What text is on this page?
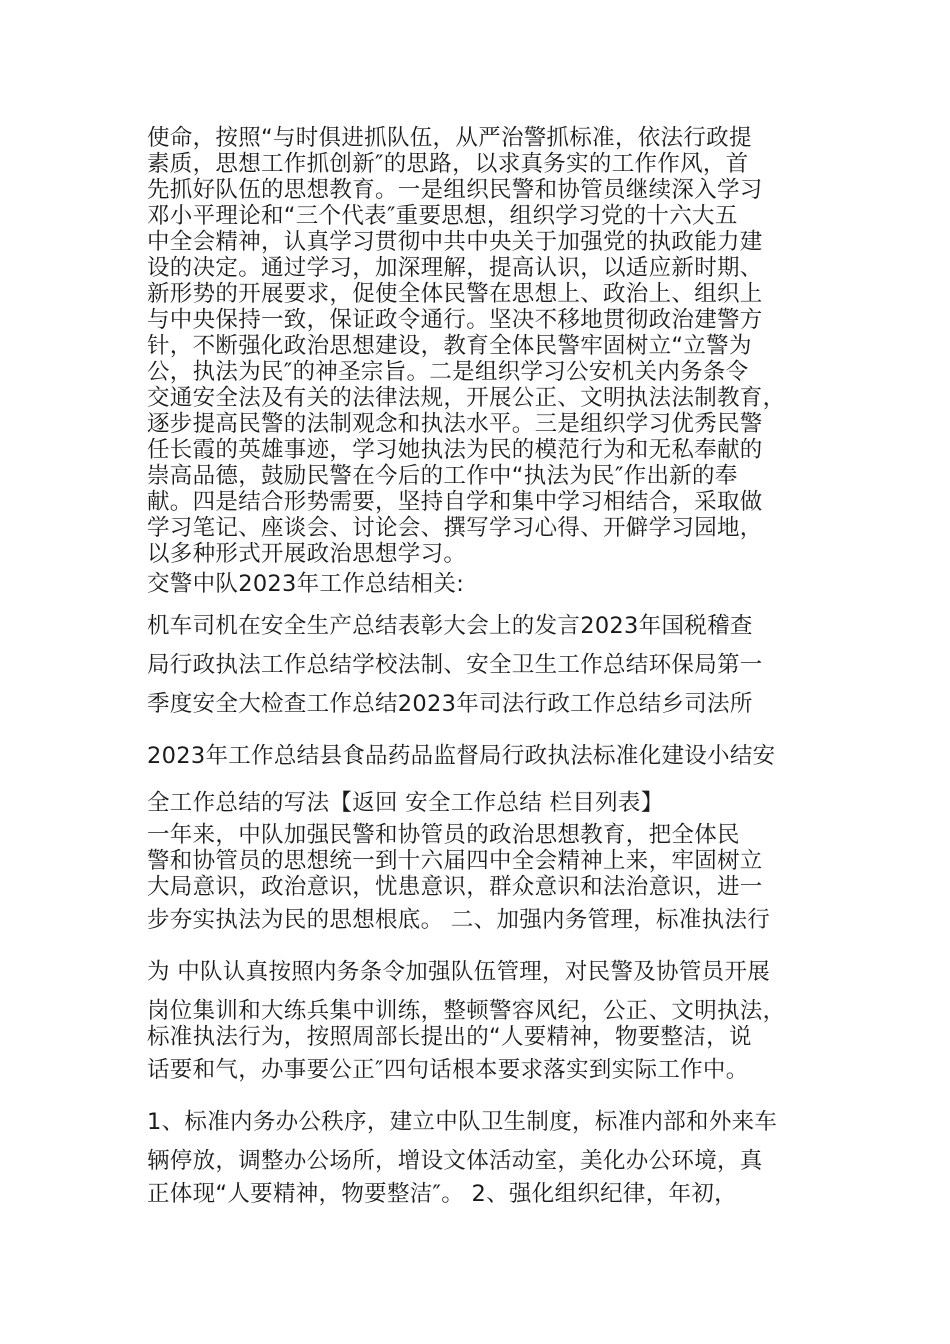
使命，按照“与时俱进抓队伍，从严治警抓标准，依法行政提
素质，思想工作抓创新″的思路，以求真务实的工作作风，首
先抓好队伍的思想教育。一是组织民警和协管员继续深入学习
邓小平理论和“三个代表″重要思想，组织学习党的十六大五
中全会精神，认真学习贯彻中共中央关于加强党的执政能力建
设的决定。通过学习，加深理解，提高认识，以适应新时期、
新形势的开展要求，促使全体民警在思想上、政治上、组织上
与中央保持一致，保证政令通行。坚决不移地贯彻政治建警方
针，不断强化政治思想建设，教育全体民警牢固树立“立警为
公，执法为民″的神圣宗旨。二是组织学习公安机关内务条令
交通安全法及有关的法律法规，开展公正、文明执法法制教育，
逐步提高民警的法制观念和执法水平。三是组织学习优秀民警
任长霞的英雄事迹，学习她执法为民的模范行为和无私奉献的
崇高品德，鼓励民警在今后的工作中“执法为民″作出新的奉
献。四是结合形势需要，坚持自学和集中学习相结合，采取做
学习笔记、座谈会、讨论会、撰写学习心得、开僻学习园地，
以多种形式开展政治思想学习。
交警中队2023年工作总结相关:
机车司机在安全生产总结表彰大会上的发言2023年国税稽查
局行政执法工作总结学校法制、安全卫生工作总结环保局第一
季度安全大检查工作总结2023年司法行政工作总结乡司法所
2023年工作总结县食品药品监督局行政执法标准化建设小结安
全工作总结的写法【返回 安全工作总结 栏目列表】
一年来，中队加强民警和协管员的政治思想教育，把全体民
警和协管员的思想统一到十六届四中全会精神上来，牢固树立
大局意识，政治意识，忧患意识，群众意识和法治意识，进一
步夯实执法为民的思想根底。 二、加强内务管理，标准执法行
为 中队认真按照内务条令加强队伍管理，对民警及协管员开展
岗位集训和大练兵集中训练，整顿警容风纪，公正、文明执法，
标准执法行为，按照周部长提出的“人要精神，物要整洁，说
话要和气，办事要公正″四句话根本要求落实到实际工作中。
1、标准内务办公秩序，建立中队卫生制度，标准内部和外来车
辆停放，调整办公场所，增设文体活动室，美化办公环境，真
正体现“人要精神，物要整洁″。 2、强化组织纪律，年初，
